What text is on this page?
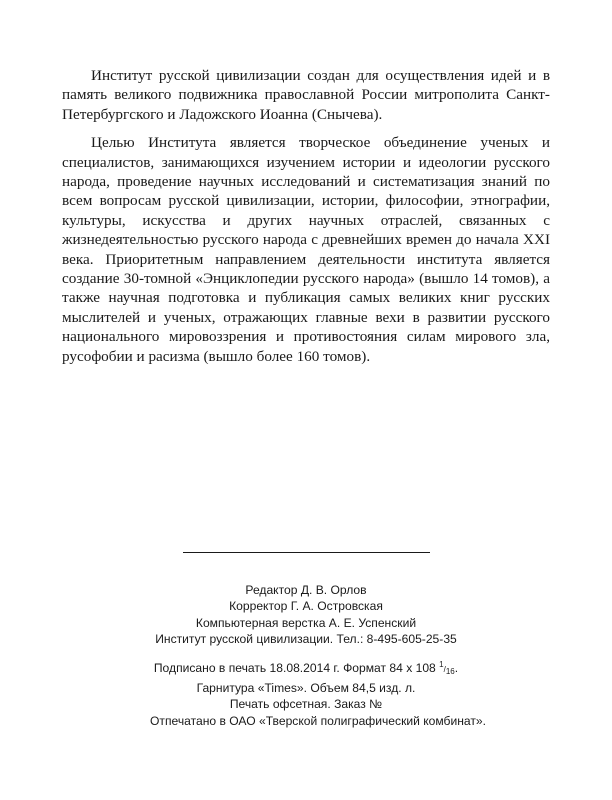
Институт русской цивилизации создан для осуществления идей и в память великого подвижника православной России митрополита Санкт-Петербургского и Ладожского Иоанна (Снычева).

Целью Института является творческое объединение ученых и специалистов, занимающихся изучением истории и идеологии русского народа, проведение научных исследований и систематизация знаний по всем вопросам русской цивилизации, истории, философии, этнографии, культуры, искусства и других научных отраслей, связанных с жизнедеятельностью русского народа с древнейших времен до начала XXI века. Приоритетным направлением деятельности института является создание 30-томной «Энциклопедии русского народа» (вышло 14 томов), а также научная подготовка и публикация самых великих книг русских мыслителей и ученых, отражающих главные вехи в развитии русского национального мировоззрения и противостояния силам мирового зла, русофобии и расизма (вышло более 160 томов).

Редактор Д. В. Орлов
Корректор Г. А. Островская
Компьютерная верстка А. Е. Успенский
Институт русской цивилизации. Тел.: 8-495-605-25-35
Подписано в печать 18.08.2014 г. Формат 84 х 108 1/16.
Гарнитура «Times». Объем 84,5 изд. л.
Печать офсетная. Заказ №
Отпечатано в ОАО «Тверской полиграфический комбинат».
